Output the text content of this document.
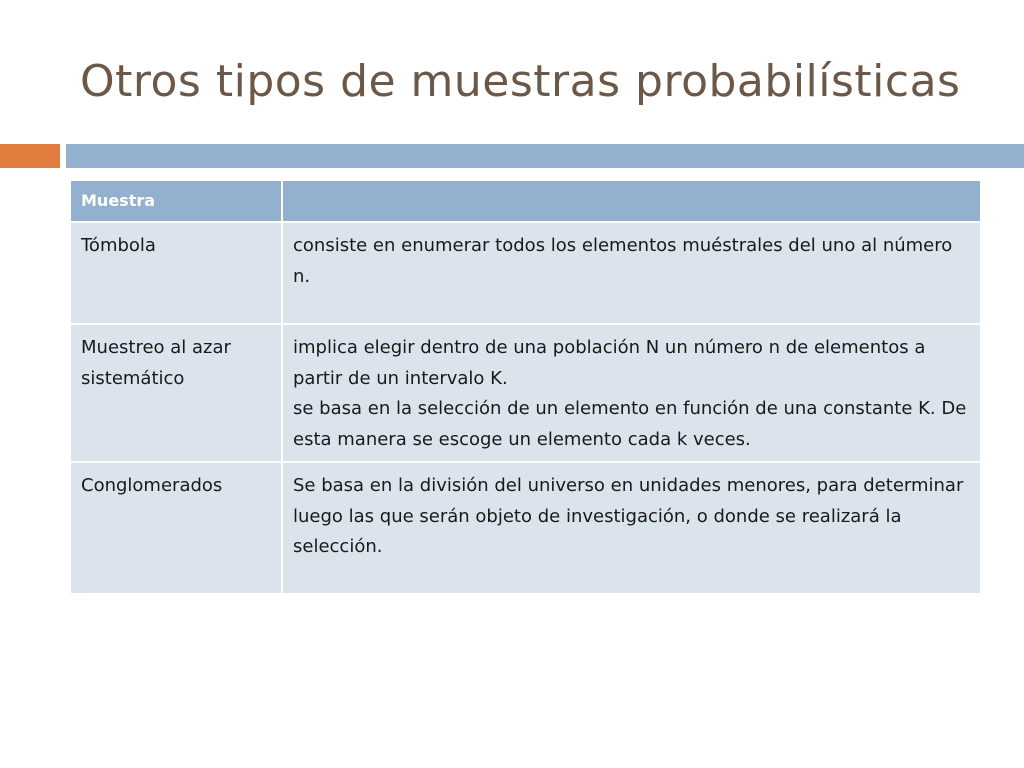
Otros tipos de muestras probabilísticas
Muestra	
Tómbola	consiste en enumerar todos los elementos muéstrales del uno al número n.

Muestreo al azar sistemático	implica elegir dentro de una población N un número n de elementos a partir de un intervalo K.
se basa en la selección de un elemento en función de una constante K. De esta manera se escoge un elemento cada k veces.

Conglomerados	Se basa en la división del universo en unidades menores, para determinar luego las que serán objeto de investigación, o donde se realizará la selección.
